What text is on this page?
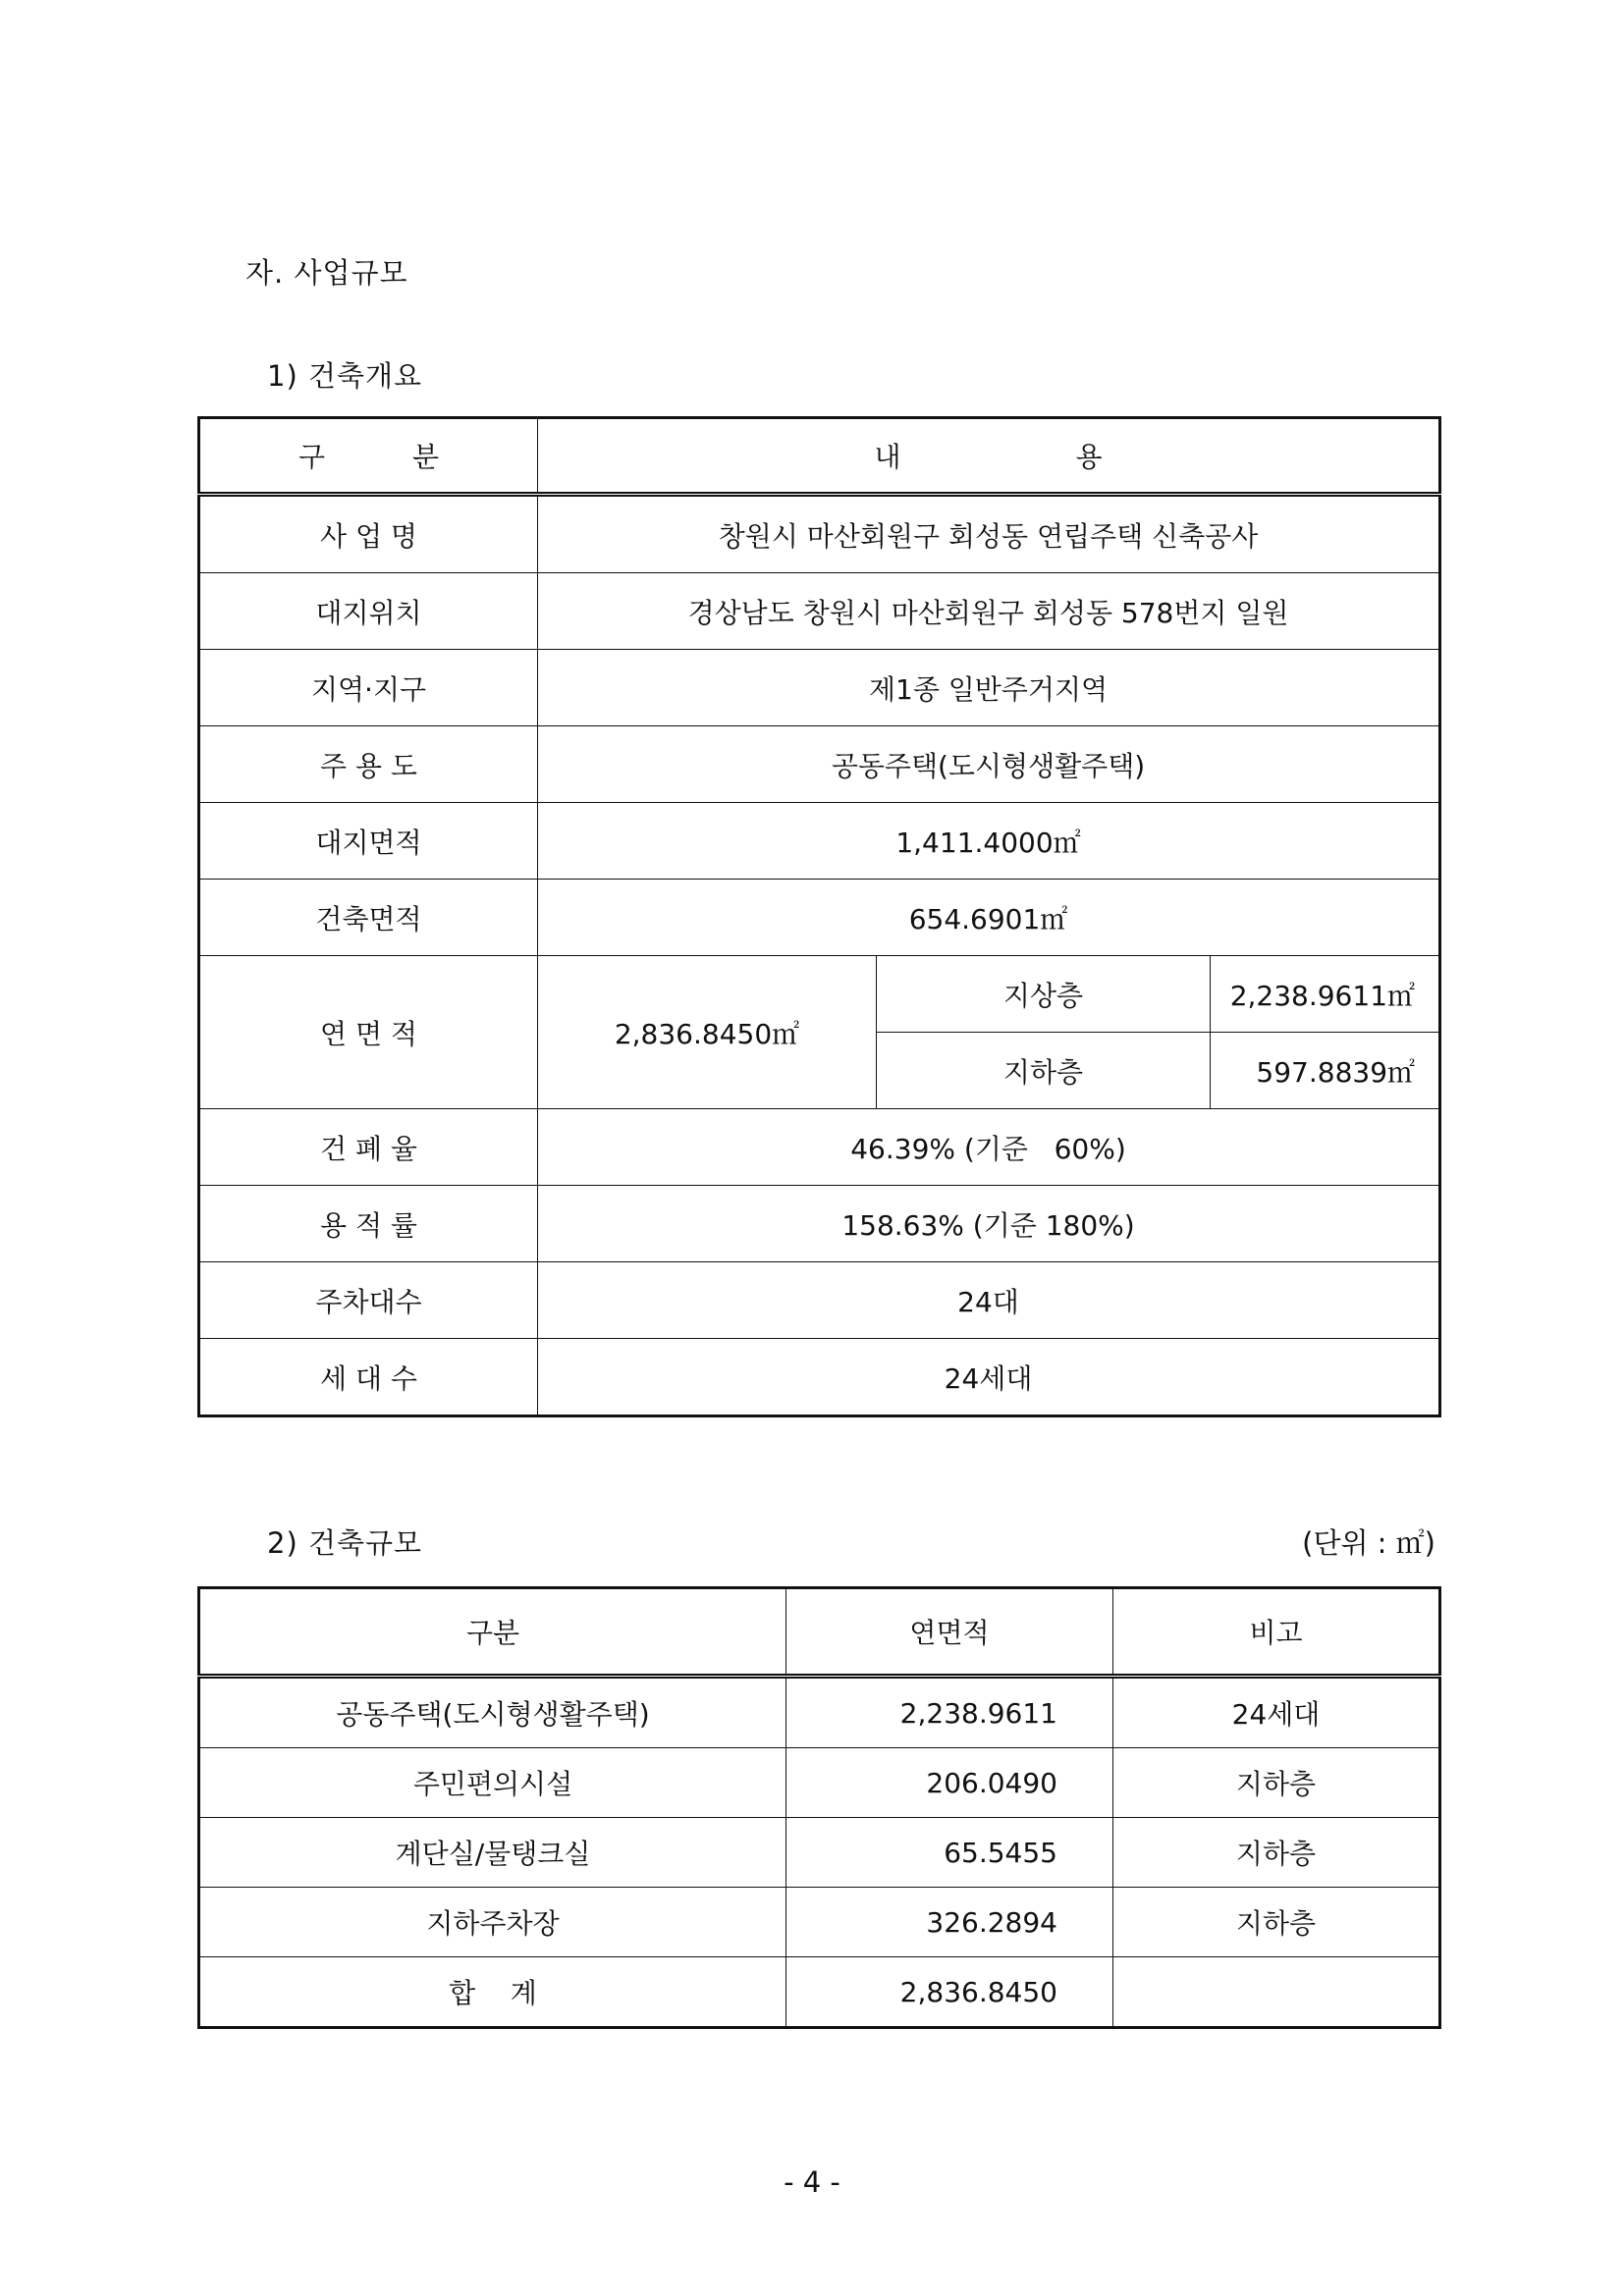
자. 사업규모
1) 건축개요
구          분	내                    용		
사 업 명	창원시 마산회원구 회성동 연립주택 신축공사		
대지위치	경상남도 창원시 마산회원구 회성동 578번지 일원		
지역·지구	제1종 일반주거지역		
주 용 도	공동주택(도시형생활주택)		
대지면적	1,411.4000㎡		
건축면적	654.6901㎡		
연 면 적	2,836.8450㎡	지상층	2,238.9611㎡
		지하층	597.8839㎡
건 폐 율	46.39% (기준   60%)		
용 적 률	158.63% (기준 180%)		
주차대수	24대		
세 대 수	24세대		
2) 건축규모	(단위 : ㎡)
구분	연면적	비고
공동주택(도시형생활주택)	2,238.9611	24세대
주민편의시설	206.0490	지하층
계단실/물탱크실	65.5455	지하층
지하주차장	326.2894	지하층
합    계	2,836.8450	
- 4 -
